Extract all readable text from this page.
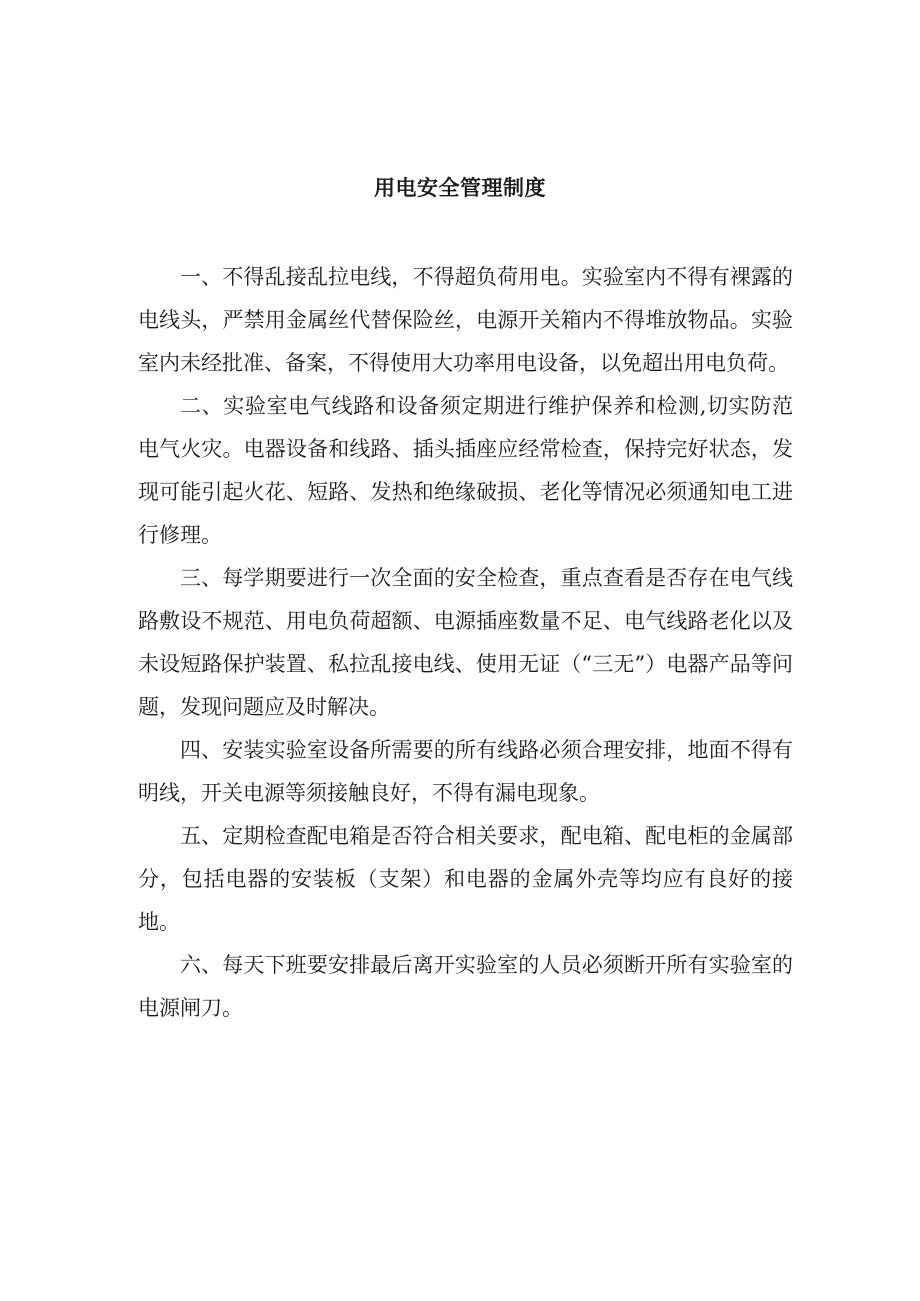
用电安全管理制度

一、不得乱接乱拉电线，不得超负荷用电。实验室内不得有裸露的电线头，严禁用金属丝代替保险丝，电源开关箱内不得堆放物品。实验室内未经批准、备案，不得使用大功率用电设备，以免超出用电负荷。

二、实验室电气线路和设备须定期进行维护保养和检测,切实防范电气火灾。电器设备和线路、插头插座应经常检查，保持完好状态，发现可能引起火花、短路、发热和绝缘破损、老化等情况必须通知电工进行修理。

三、每学期要进行一次全面的安全检查，重点查看是否存在电气线路敷设不规范、用电负荷超额、电源插座数量不足、电气线路老化以及未设短路保护装置、私拉乱接电线、使用无证（“三无”）电器产品等问题，发现问题应及时解决。

四、安装实验室设备所需要的所有线路必须合理安排，地面不得有明线，开关电源等须接触良好，不得有漏电现象。

五、定期检查配电箱是否符合相关要求，配电箱、配电柜的金属部分，包括电器的安装板（支架）和电器的金属外壳等均应有良好的接地。

六、每天下班要安排最后离开实验室的人员必须断开所有实验室的电源闸刀。
